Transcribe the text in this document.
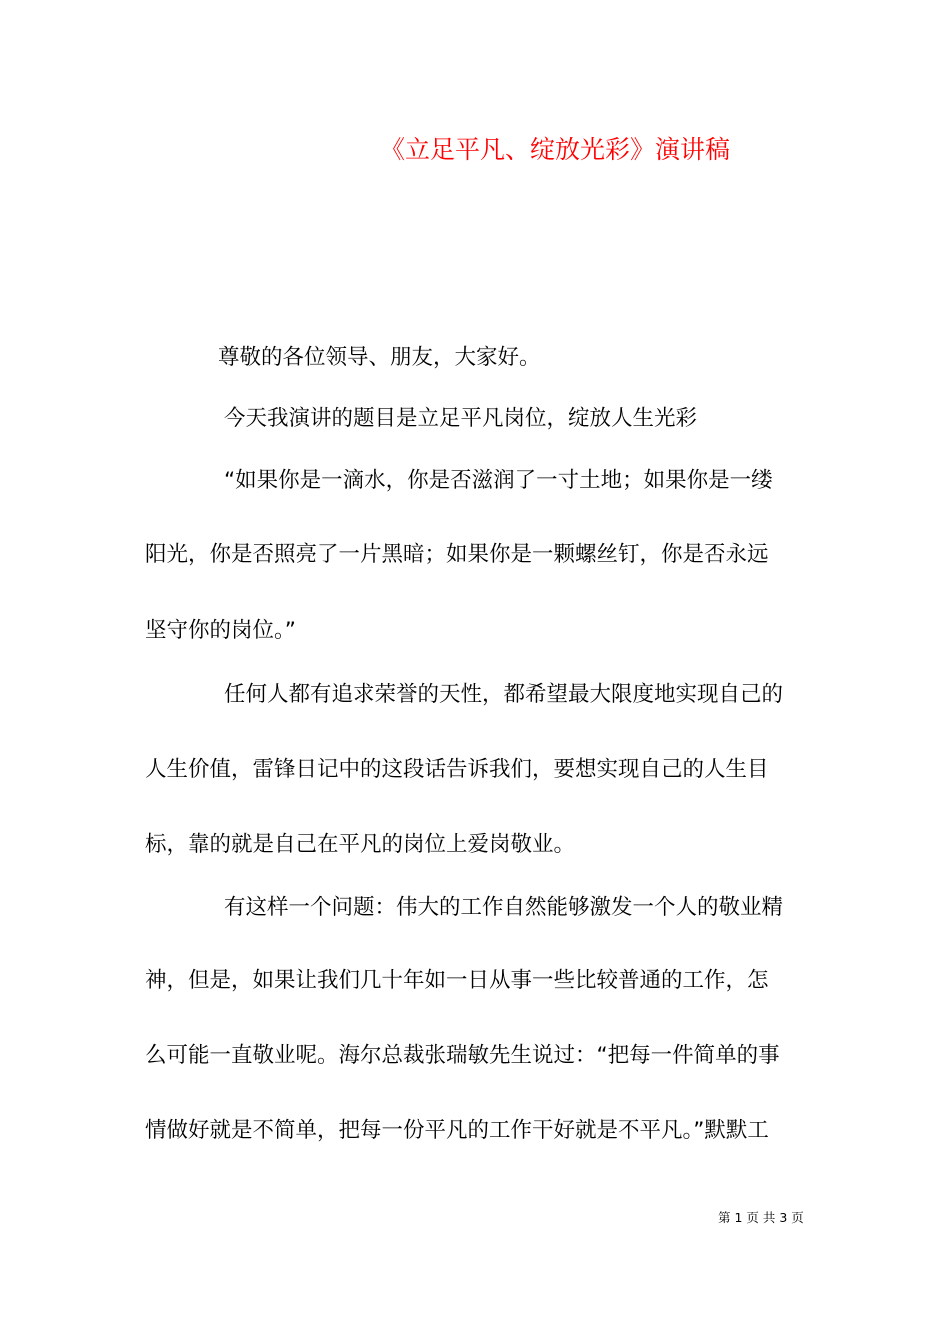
《立足平凡、绽放光彩》演讲稿
尊敬的各位领导、朋友，大家好。
今天我演讲的题目是立足平凡岗位，绽放人生光彩
“如果你是一滴水，你是否滋润了一寸土地；如果你是一缕
阳光，你是否照亮了一片黑暗；如果你是一颗螺丝钉，你是否永远
坚守你的岗位。”
任何人都有追求荣誉的天性，都希望最大限度地实现自己的
人生价值，雷锋日记中的这段话告诉我们，要想实现自己的人生目
标，靠的就是自己在平凡的岗位上爱岗敬业。
有这样一个问题：伟大的工作自然能够激发一个人的敬业精
神，但是，如果让我们几十年如一日从事一些比较普通的工作，怎
么可能一直敬业呢。海尔总裁张瑞敏先生说过：“把每一件简单的事
情做好就是不简单，把每一份平凡的工作干好就是不平凡。”默默工
第 1 页 共 3 页
